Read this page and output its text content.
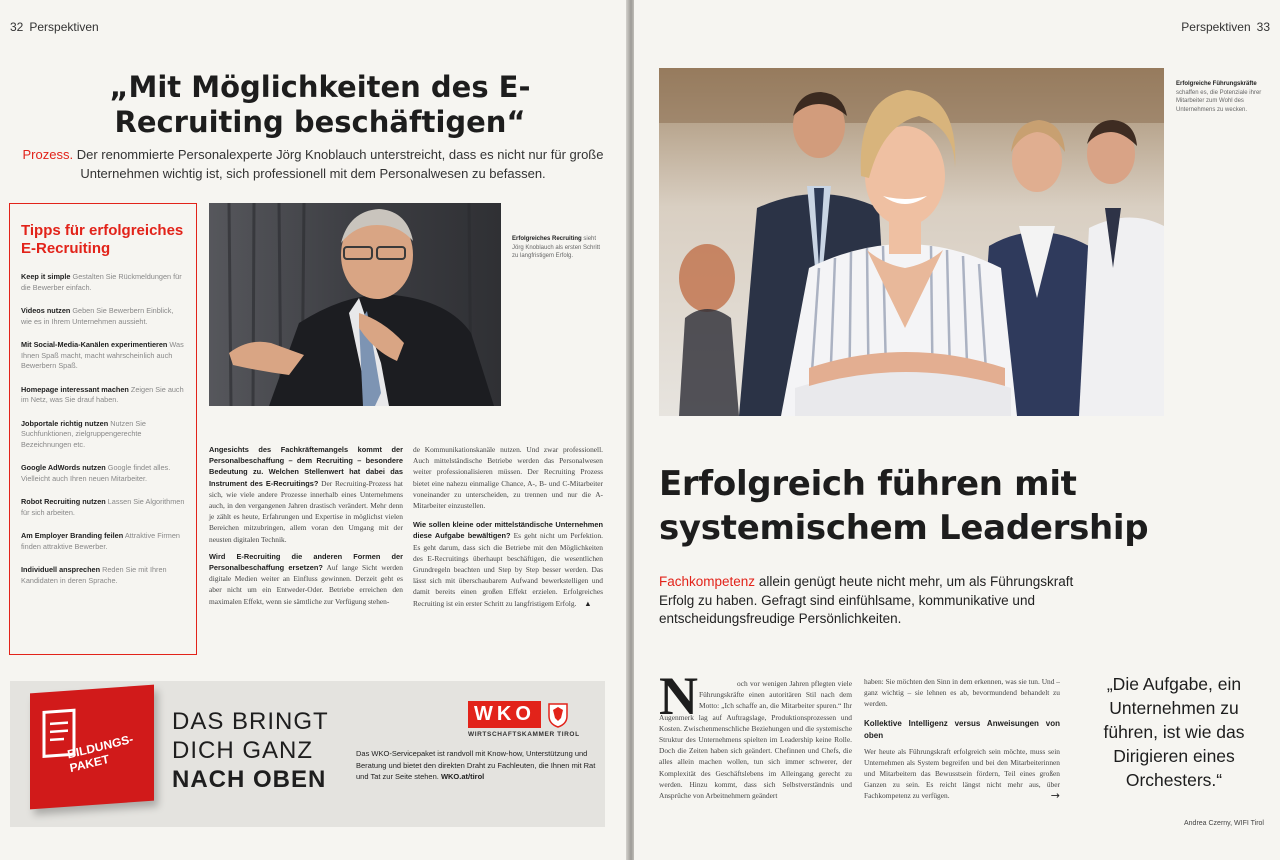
32 Perspektiven
„Mit Möglichkeiten des E-Recruiting beschäftigen“

Prozess. Der renommierte Personalexperte Jörg Knoblauch unterstreicht, dass es nicht nur für große Unternehmen wichtig ist, sich professionell mit dem Personalwesen zu befassen.

Tipps für erfolgreiches E-Recruiting
Keep it simple Gestalten Sie Rückmeldungen für die Bewerber einfach.
Videos nutzen Geben Sie Bewerbern Einblick, wie es in Ihrem Unternehmen aussieht.
Mit Social-Media-Kanälen experimentieren Was Ihnen Spaß macht, macht wahrscheinlich auch Bewerbern Spaß.
Homepage interessant machen Zeigen Sie auch im Netz, was Sie drauf haben.
Jobportale richtig nutzen Nutzen Sie Suchfunktionen, zielgruppengerechte Bezeichnungen etc.
Google AdWords nutzen Google findet alles. Vielleicht auch Ihren neuen Mitarbeiter.
Robot Recruiting nutzen Lassen Sie Algorithmen für sich arbeiten.
Am Employer Branding feilen Attraktive Firmen finden attraktive Bewerber.
Individuell ansprechen Reden Sie mit Ihren Kandidaten in deren Sprache.
Erfolgreiches Recruiting sieht Jörg Knoblauch als ersten Schritt zu langfristigem Erfolg.
Angesichts des Fachkräftemangels kommt der Personalbeschaffung – dem Recruiting – besondere Bedeutung zu. Welchen Stellenwert hat dabei das Instrument des E-Recruitings? Der Recruiting-Prozess hat sich, wie viele andere Prozesse innerhalb eines Unternehmens auch, in den vergangenen Jahren drastisch verändert. Mehr denn je zählt es heute, Erfahrungen und Expertise in möglichst vielen Bereichen mitzubringen, allem voran den Umgang mit der neusten digitalen Technik.
Wird E-Recruiting die anderen Formen der Personalbeschaffung ersetzen? Auf lange Sicht werden digitale Medien weiter an Einfluss gewinnen. Derzeit geht es aber nicht um ein Entweder-Oder. Betriebe erreichen den maximalen Effekt, wenn sie sämtliche zur Verfügung stehen-
de Kommunikationskanäle nutzen. Und zwar professionell. Auch mittelständische Betriebe werden das Personalwesen weiter professionalisieren müssen. Der Recruiting Prozess bietet eine nahezu einmalige Chance, A-, B- und C-Mitarbeiter voneinander zu unterscheiden, zu trennen und nur die A-Mitarbeiter einzustellen.
Wie sollen kleine oder mittelständische Unternehmen diese Aufgabe bewältigen? Es geht nicht um Perfektion. Es geht darum, dass sich die Betriebe mit den Möglichkeiten des E-Recruitings überhaupt beschäftigen, die wesentlichen Grundregeln beachten und Step by Step besser werden. Das lässt sich mit überschaubarem Aufwand bewerkstelligen und damit bereits einen großen Effekt erzielen. Erfolgreiches Recruiting ist ein erster Schritt zu langfristigem Erfolg. ▲
BILDUNGS-PAKET
DAS BRINGT
DICH GANZ
NACH OBEN
WKO
WIRTSCHAFTSKAMMER TIROL
Das WKO-Servicepaket ist randvoll mit Know-how, Unterstützung und Beratung und bietet den direkten Draht zu Fachleuten, die Ihnen mit Rat und Tat zur Seite stehen. WKO.at/tirol
Perspektiven 33
Erfolgreiche Führungskräfte schaffen es, die Potenziale ihrer Mitarbeiter zum Wohl des Unternehmens zu wecken.
Erfolgreich führen mit systemischem Leadership

Fachkompetenz allein genügt heute nicht mehr, um als Führungskraft Erfolg zu haben. Gefragt sind einfühlsame, kommunikative und entscheidungsfreudige Persönlichkeiten.

N	och vor wenigen Jahren pflegten viele Führungskräfte einen autoritären Stil nach dem Motto: „Ich schaffe an, die Mitarbeiter spuren.“ Ihr Augenmerk lag auf Auftragslage, Produktionsprozessen und Kosten. Zwischenmenschliche Beziehungen und die systemische Struktur des Unternehmens spielten im Leadership keine Rolle. Doch die Zeiten haben sich geändert. Chefinnen und Chefs, die alles allein machen wollen, tun sich immer schwerer, der Komplexität des Geschäftslebens im Alleingang gerecht zu werden. Hinzu kommt, dass sich Selbstverständnis und Ansprüche von Arbeitnehmern geändert
haben: Sie möchten den Sinn in dem erkennen, was sie tun. Und – ganz wichtig – sie lehnen es ab, bevormundend behandelt zu werden.
Kollektive Intelligenz versus Anweisungen von oben
Wer heute als Führungskraft erfolgreich sein möchte, muss sein Unternehmen als System begreifen und bei den Mitarbeiterinnen und Mitarbeitern das Bewusstsein fördern, Teil eines großen Ganzen zu sein. Es reicht längst nicht mehr aus, über Fachkompetenz zu verfügen.	→
„Die Aufgabe, ein Unternehmen zu führen, ist wie das Dirigieren eines Orchesters.“
Andrea Czerny, WIFI Tirol
